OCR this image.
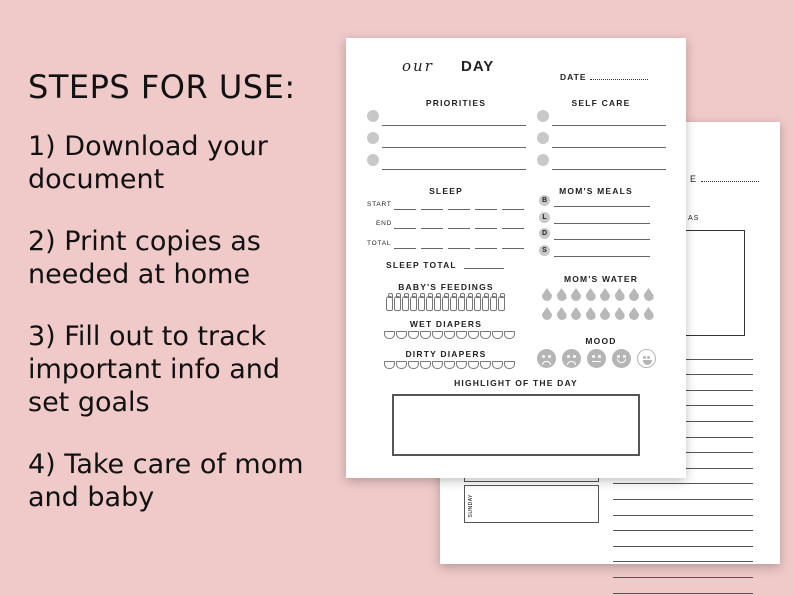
STEPS FOR USE:
1) Download your document
2) Print copies as needed at home
3) Fill out to track important info and set goals
4) Take care of mom and baby
E
AS
SUNDAY
our DAY
DATE
PRIORITIES	SELF CARE
SLEEP
START
END
TOTAL
SLEEP TOTAL
MOM'S MEALS
B
L
D
S
BABY'S FEEDINGS
WET DIAPERS
DIRTY DIAPERS
MOM'S WATER
MOOD
HIGHLIGHT OF THE DAY
